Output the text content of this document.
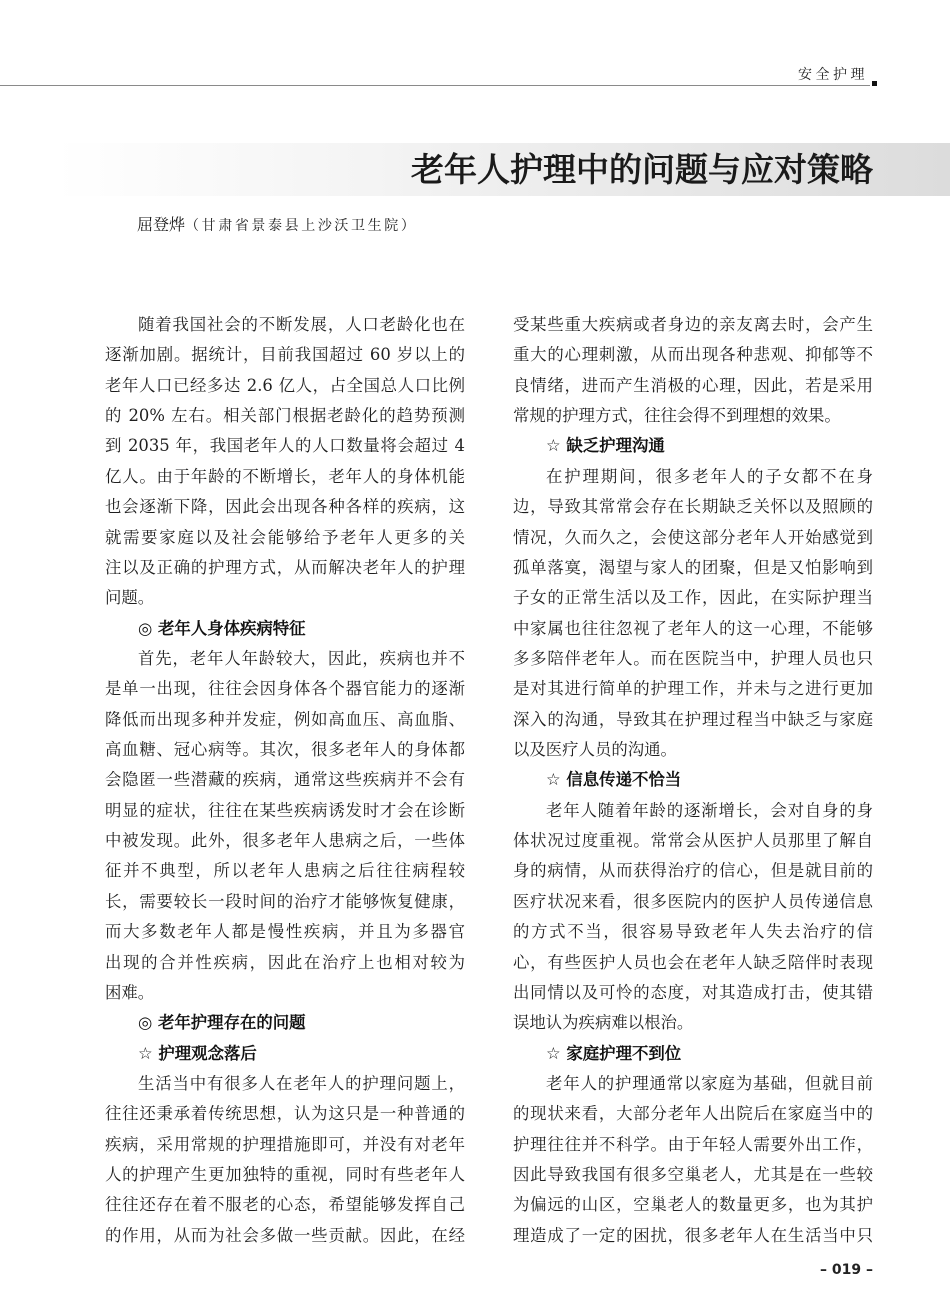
安全护理
老年人护理中的问题与应对策略
屈登烨（甘肃省景泰县上沙沃卫生院）
随着我国社会的不断发展，人口老龄化也在
逐渐加剧。据统计，目前我国超过 60 岁以上的
老年人口已经多达 2.6 亿人，占全国总人口比例
的 20% 左右。相关部门根据老龄化的趋势预测
到 2035 年，我国老年人的人口数量将会超过 4
亿人。由于年龄的不断增长，老年人的身体机能
也会逐渐下降，因此会出现各种各样的疾病，这
就需要家庭以及社会能够给予老年人更多的关
注以及正确的护理方式，从而解决老年人的护理
问题。
◎ 老年人身体疾病特征
首先，老年人年龄较大，因此，疾病也并不
是单一出现，往往会因身体各个器官能力的逐渐
降低而出现多种并发症，例如高血压、高血脂、
高血糖、冠心病等。其次，很多老年人的身体都
会隐匿一些潜藏的疾病，通常这些疾病并不会有
明显的症状，往往在某些疾病诱发时才会在诊断
中被发现。此外，很多老年人患病之后，一些体
征并不典型，所以老年人患病之后往往病程较
长，需要较长一段时间的治疗才能够恢复健康，
而大多数老年人都是慢性疾病，并且为多器官
出现的合并性疾病，因此在治疗上也相对较为
困难。
◎ 老年护理存在的问题
☆ 护理观念落后
生活当中有很多人在老年人的护理问题上，
往往还秉承着传统思想，认为这只是一种普通的
疾病，采用常规的护理措施即可，并没有对老年
人的护理产生更加独特的重视，同时有些老年人
往往还存在着不服老的心态，希望能够发挥自己
的作用，从而为社会多做一些贡献。因此，在经
受某些重大疾病或者身边的亲友离去时，会产生
重大的心理刺激，从而出现各种悲观、抑郁等不
良情绪，进而产生消极的心理，因此，若是采用
常规的护理方式，往往会得不到理想的效果。
☆ 缺乏护理沟通
在护理期间，很多老年人的子女都不在身
边，导致其常常会存在长期缺乏关怀以及照顾的
情况，久而久之，会使这部分老年人开始感觉到
孤单落寞，渴望与家人的团聚，但是又怕影响到
子女的正常生活以及工作，因此，在实际护理当
中家属也往往忽视了老年人的这一心理，不能够
多多陪伴老年人。而在医院当中，护理人员也只
是对其进行简单的护理工作，并未与之进行更加
深入的沟通，导致其在护理过程当中缺乏与家庭
以及医疗人员的沟通。
☆ 信息传递不恰当
老年人随着年龄的逐渐增长，会对自身的身
体状况过度重视。常常会从医护人员那里了解自
身的病情，从而获得治疗的信心，但是就目前的
医疗状况来看，很多医院内的医护人员传递信息
的方式不当，很容易导致老年人失去治疗的信
心，有些医护人员也会在老年人缺乏陪伴时表现
出同情以及可怜的态度，对其造成打击，使其错
误地认为疾病难以根治。
☆ 家庭护理不到位
老年人的护理通常以家庭为基础，但就目前
的现状来看，大部分老年人出院后在家庭当中的
护理往往并不科学。由于年轻人需要外出工作，
因此导致我国有很多空巢老人，尤其是在一些较
为偏远的山区，空巢老人的数量更多，也为其护
理造成了一定的困扰，很多老年人在生活当中只
– 019 –
